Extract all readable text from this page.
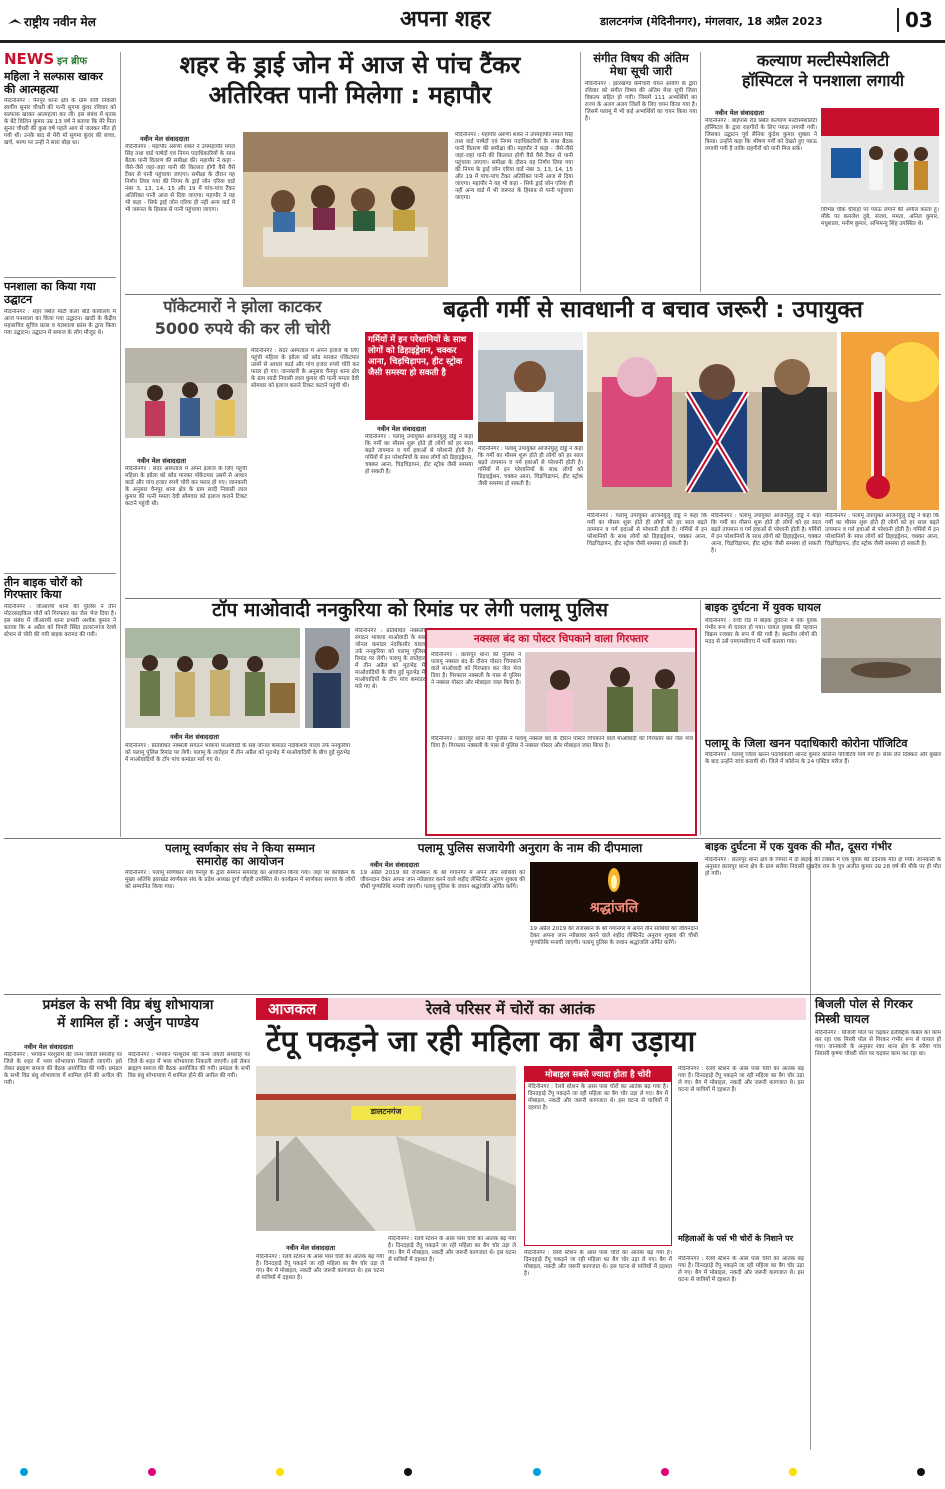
राष्ट्रीय नवीन मेल	अपना शहर	डालटनगंज (मेदिनीनगर), मंगलवार, 18 अप्रैल 2023	03
NEWS इन ब्रीफ
महिला ने सल्फास खाकर की आत्महत्या
मेदिनीनगर : पैनपुर थाना क्षेत्र के ग्राम रायि निवासी स्वर्गीय सुनार चौधरी की पत्नी सुगमा कुंवर रविवार को सल्फास खाकर आत्महत्या कर ली। इस संबंध में मृतक के बेटे विलिन कुमार उम्र 13 वर्ष ने बताया कि मेरे पिता सुनार चौधरी की कुछ वर्ष पहले आग से जलकर मौत हो गयी थी। उनके बाद से मेरी माँ सुगमा कुंवर की बच्चा, खर्च, भाग्य पर उन्ही ने सारा बोझ था।
पनशाला का किया गया उद्घाटन
मेदिनीनगर : शहर स्थित माटी कला बोर्ड कार्यालय में आज पनशाला का किया गया उद्घाटन। खादी के केंद्रीय महासचिव सुचित्र फ्रांस व यज्ञशाला फ्रांस के द्वारा किया गया उद्घाटन। उद्घाटन में समाज के लोग मौजूद थे।
तीन बाइक चोरों को गिरफ्तार किया
मेदिनीनगर : जीआरपी थाना की पुलिस ने तीन मोटरसाइकिल चोरों को गिरफ्तार कर जेल भेज दिया है। इस संबंध में जीआरपी थाना प्रभारी अशोक कुमार ने बताया कि 4 अप्रैल को पिपरी स्थित डालटनगंज रेलवे स्टेशन से चोरी की गयी बाइक बरामद की गयी।
शहर के ड्राई जोन में आज से पांच टैंकर
अतिरिक्त पानी मिलेगा : महापौर
नवीन मेल संवाददाता
मेदिनीनगर : महापौर अरुणा शंकर ने उपमहापौर मंगल सिंह तथा वार्ड पार्षदों एवं निगम पदाधिकारियों के साथ बैठक पानी वितरण की समीक्षा की। महापौर ने कहा - जैसे-जैसे जहां-जहां पानी की किल्लत होगी वैसे वैसे टैंकर से पानी पहुंचाया जाएगा। समीक्षा के दौरान यह निर्णय लिया गया की निगम के ड्राई जोन एरिया वार्ड नंबर 3, 13, 14, 15 और 19 में पांच-पांच टैंकर अतिरिक्त पानी आज से दिया जाएगा। महापौर ने यह भी कहा - सिर्फ ड्राई जोन एरिया ही नहीं अन्य वार्ड में भी जरूरत के हिसाब से पानी पहुंचाया जाएगा।
मेदिनीनगर : महापौर अरुणा शंकर ने उपमहापौर मंगल सिंह तथा वार्ड पार्षदों एवं निगम पदाधिकारियों के साथ बैठक पानी वितरण की समीक्षा की। महापौर ने कहा - जैसे-जैसे जहां-जहां पानी की किल्लत होगी वैसे वैसे टैंकर से पानी पहुंचाया जाएगा। समीक्षा के दौरान यह निर्णय लिया गया की निगम के ड्राई जोन एरिया वार्ड नंबर 3, 13, 14, 15 और 19 में पांच-पांच टैंकर अतिरिक्त पानी आज से दिया जाएगा। महापौर ने यह भी कहा - सिर्फ ड्राई जोन एरिया ही नहीं अन्य वार्ड में भी जरूरत के हिसाब से पानी पहुंचाया जाएगा।
संगीत विषय की अंतिम मेधा सूची जारी
मेदिनीनगर : झारखण्ड कर्मचारी चयन आयोग के द्वारा रविवार को संगीत विषय की अंतिम मेधा सूची जिला विकल्प सहित हो गयी। जिसमें 111 अभ्यर्थियों का राज्य के अलग अलग जिलों के लिए चयन किया गया है। जिसमें पलामू में भी कई अभ्यर्थियों का चयन किया गया है।
कल्याण मल्टीस्पेशलिटी
हॉस्पिटल ने पनशाला लगायी
नवीन मेल संवाददाता
मेदिनीनगर : बाईपास रोड स्थित कल्याण मल्टीस्पेशलिटी हॉस्पिटल के द्वारा राहगीरों के लिए प्याऊ लगायी गयी। जिसका उद्घाटन पूर्व सैनिक कुंदेश कुमार शुक्ला ने किया। उन्होंने कहा कि भीषण गर्मी को देखते हुए प्याऊ लगायी गयी है ताकि राहगीरों को पानी मिल सके।
विभिन्न चौक चौराहों पर प्याऊ लगाने की अपील करता हूं। मौके पर कमलेश दुबे, संजय, ममता, अनिल कुमार, मधुशाला, मनीष कुमार, अभिमन्यु सिंह उपस्थित थे।
पॉकेटमारों ने झोला काटकर
5000 रुपये की कर ली चोरी
नवीन मेल संवाददाता
मेदिनीनगर : सदर अस्पताल में अपने इलाज के लिए पहुंची महिला के झोला को ब्लेड मारकर पॉकेटमार उसमें से आधार कार्ड और पांच हजार रुपये चोरी कर फरार हो गए। जानकारी के अनुसार चैनपुर थाना क्षेत्र के ग्राम सादी निवासी लाल कुमार की पत्नी ममता देवी सोमवार को इलाज कराने टिकट कटाने पहुंची थी।
मेदिनीनगर : सदर अस्पताल में अपने इलाज के लिए पहुंची महिला के झोला को ब्लेड मारकर पॉकेटमार उसमें से आधार कार्ड और पांच हजार रुपये चोरी कर फरार हो गए। जानकारी के अनुसार चैनपुर थाना क्षेत्र के ग्राम सादी निवासी लाल कुमार की पत्नी ममता देवी सोमवार को इलाज कराने टिकट कटाने पहुंची थी।
बढ़ती गर्मी से सावधानी व बचाव जरूरी : उपायुक्त
गर्मियों में इन परेशानियों के साथ लोगों को डिहाइड्रेशन, चक्कर आना, चिड़चिड़ापन, हीट स्ट्रोक जैसी समस्या हो सकती है
नवीन मेल संवाददाता
मेदिनीनगर : पलामू उपायुक्त आंजनेयुलु दोड्डे ने कहा कि गर्मी का मौसम शुरू होते ही लोगों को हर साल बढ़ते तापमान व गर्म हवाओं से परेशानी होती है। गर्मियों में इन परेशानियों के साथ लोगों को डिहाइड्रेशन, चक्कर आना, चिड़चिड़ापन, हीट स्ट्रोक जैसी समस्या हो सकती है।
मेदिनीनगर : पलामू उपायुक्त आंजनेयुलु दोड्डे ने कहा कि गर्मी का मौसम शुरू होते ही लोगों को हर साल बढ़ते तापमान व गर्म हवाओं से परेशानी होती है। गर्मियों में इन परेशानियों के साथ लोगों को डिहाइड्रेशन, चक्कर आना, चिड़चिड़ापन, हीट स्ट्रोक जैसी समस्या हो सकती है।
मेदिनीनगर : पलामू उपायुक्त आंजनेयुलु दोड्डे ने कहा कि गर्मी का मौसम शुरू होते ही लोगों को हर साल बढ़ते तापमान व गर्म हवाओं से परेशानी होती है। गर्मियों में इन परेशानियों के साथ लोगों को डिहाइड्रेशन, चक्कर आना, चिड़चिड़ापन, हीट स्ट्रोक जैसी समस्या हो सकती है।
मेदिनीनगर : पलामू उपायुक्त आंजनेयुलु दोड्डे ने कहा कि गर्मी का मौसम शुरू होते ही लोगों को हर साल बढ़ते तापमान व गर्म हवाओं से परेशानी होती है। गर्मियों में इन परेशानियों के साथ लोगों को डिहाइड्रेशन, चक्कर आना, चिड़चिड़ापन, हीट स्ट्रोक जैसी समस्या हो सकती है।
मेदिनीनगर : पलामू उपायुक्त आंजनेयुलु दोड्डे ने कहा कि गर्मी का मौसम शुरू होते ही लोगों को हर साल बढ़ते तापमान व गर्म हवाओं से परेशानी होती है। गर्मियों में इन परेशानियों के साथ लोगों को डिहाइड्रेशन, चक्कर आना, चिड़चिड़ापन, हीट स्ट्रोक जैसी समस्या हो सकती है।
टॉप माओवादी ननकुरिया को रिमांड पर लेगी पलामू पुलिस
नवीन मेल संवाददाता
मेदिनीनगर : प्रतिबंधित नक्सली संगठन भाकपा माओवादी के सब जोनल कमांडर नंदकिशोर यादव उर्फ ननकुरिया को पलामू पुलिस रिमांड पर लेगी। पलामू के लातेहार में तीन अप्रैल को मुठभेड़ में माओवादियों के बीच हुई मुठभेड़ में माओवादियों के टॉप पांच कमांडर मारे गए थे।
मेदिनीनगर : प्रतिबंधित नक्सली संगठन भाकपा माओवादी के सब जोनल कमांडर नंदकिशोर यादव उर्फ ननकुरिया को पलामू पुलिस रिमांड पर लेगी। पलामू के लातेहार में तीन अप्रैल को मुठभेड़ में माओवादियों के बीच हुई मुठभेड़ में माओवादियों के टॉप पांच कमांडर मारे गए थे।
नक्सल बंद का पोस्टर चिपकाने वाला गिरफ्तार
मेदिनीनगर : छतरपुर थाना की पुलिस ने पलामू नक्सल बंद के दौरान पोस्टर चिपकाने वाले माओवादी को गिरफ्तार कर जेल भेज दिया है। गिरफ्तार नक्सली के पास से पुलिस ने नक्सल पोस्टर और मोबाइल जब्त किया है।
मेदिनीनगर : छतरपुर थाना की पुलिस ने पलामू नक्सल बंद के दौरान पोस्टर चिपकाने वाले माओवादी को गिरफ्तार कर जेल भेज दिया है। गिरफ्तार नक्सली के पास से पुलिस ने नक्सल पोस्टर और मोबाइल जब्त किया है।
बाइक दुर्घटना में युवक घायल
मेदिनीनगर : रांची रोड में बाइक दुर्घटना में एक युवक गंभीर रूप से घायल हो गया। घायल युवक की पहचान विक्रम रजवार के रूप में की गयी है। स्थानीय लोगों की मदद से उसे एमएमसीएच में भर्ती कराया गया।
पलामू के जिला खनन पदाधिकारी कोरोना पॉजिटिव
मेदिनीनगर : पलामू जिला खनन पदाधिकारी आनंद कुमार कोरोना पॉजिटिव पाये गये हैं। सांस लेने दिक्कत और बुखार के बाद उन्होंने जांच करायी थी। जिले में कोरोना के 24 एक्टिव मरीज हैं।
पलामू स्वर्णकार संघ ने किया सम्मान
समारोह का आयोजन
मेदिनीनगर : पलामू स्वर्णकार संघ पैनपुर के द्वारा सम्मान समारोह का आयोजन किया गया। जहां पर कार्यक्रम के मुख्य अतिथि झारखंड स्वर्णकार संघ के प्रदेश अध्यक्ष दुर्गा जौहरी उपस्थित थे। कार्यक्रम में स्वर्णकार समाज के लोगों को सम्मानित किया गया।
पलामू पुलिस सजायेगी अनुराग के नाम की दीपमाला
नवीन मेल संवाददाता
19 अप्रैल 2019 को राजस्थान के श्री गंगानगर में अपने तीन साथियों को जीवनदान देकर अपना जान न्योछावर करने वाले शहीद लेफ्टिनेंट अनुराग शुक्ला की चौथी पुण्यतिथि मनायी जाएगी। पलामू पुलिस के जवान श्रद्धांजलि अर्पित करेंगे।
श्रद्धांजलि
19 अप्रैल 2019 को राजस्थान के श्री गंगानगर में अपने तीन साथियों को जीवनदान देकर अपना जान न्योछावर करने वाले शहीद लेफ्टिनेंट अनुराग शुक्ला की चौथी पुण्यतिथि मनायी जाएगी। पलामू पुलिस के जवान श्रद्धांजलि अर्पित करेंगे।
बाइक दुर्घटना में एक युवक की मौत, दूसरा गंभीर
मेदिनीनगर : छतरपुर थाना क्षेत्र के पिपरा में दो बाइक की टक्कर में एक युवक की दर्दनाक मौत हो गयी। जानकारी के अनुसार छतरपुर थाना क्षेत्र के ग्राम सलैया निवासी सुखदेव राम के पुत्र अजीत कुमार उम्र 28 वर्ष की मौके पर ही मौत हो गयी।
प्रमंडल के सभी विप्र बंधु शोभायात्रा
में शामिल हों : अर्जुन पाण्डेय
नवीन मेल संवाददाता
मेदिनीनगर : भगवान परशुराम की जन्म जयंती समारोह पर जिले के शहर में भव्य शोभायात्रा निकाली जाएगी। इसे लेकर ब्राह्मण समाज की बैठक आयोजित की गयी। प्रमंडल के सभी विप्र बंधु शोभायात्रा में शामिल होने की अपील की गयी।
मेदिनीनगर : भगवान परशुराम की जन्म जयंती समारोह पर जिले के शहर में भव्य शोभायात्रा निकाली जाएगी। इसे लेकर ब्राह्मण समाज की बैठक आयोजित की गयी। प्रमंडल के सभी विप्र बंधु शोभायात्रा में शामिल होने की अपील की गयी।
आजकल	रेलवे परिसर में चोरों का आतंक
टेंपू पकड़ने जा रही महिला का बैग उड़ाया
डालटनगंज
नवीन मेल संवाददाता
मेदिनीनगर : रेलवे स्टेशन के आस पास चोरों का आतंक बढ़ गया है। दिनदहाड़े टेंपू पकड़ने जा रही महिला का बैग चोर उड़ा ले गए। बैग में मोबाइल, नकदी और जरूरी कागजात थे। इस घटना से यात्रियों में दहशत है।
मेदिनीनगर : रेलवे स्टेशन के आस पास चोरों का आतंक बढ़ गया है। दिनदहाड़े टेंपू पकड़ने जा रही महिला का बैग चोर उड़ा ले गए। बैग में मोबाइल, नकदी और जरूरी कागजात थे। इस घटना से यात्रियों में दहशत है।
मोबाइल सबसे ज्यादा होता है चोरी
मेदिनीनगर : रेलवे स्टेशन के आस पास चोरों का आतंक बढ़ गया है। दिनदहाड़े टेंपू पकड़ने जा रही महिला का बैग चोर उड़ा ले गए। बैग में मोबाइल, नकदी और जरूरी कागजात थे। इस घटना से यात्रियों में दहशत है।
मेदिनीनगर : रेलवे स्टेशन के आस पास चोरों का आतंक बढ़ गया है। दिनदहाड़े टेंपू पकड़ने जा रही महिला का बैग चोर उड़ा ले गए। बैग में मोबाइल, नकदी और जरूरी कागजात थे। इस घटना से यात्रियों में दहशत है।
मेदिनीनगर : रेलवे स्टेशन के आस पास चोरों का आतंक बढ़ गया है। दिनदहाड़े टेंपू पकड़ने जा रही महिला का बैग चोर उड़ा ले गए। बैग में मोबाइल, नकदी और जरूरी कागजात थे। इस घटना से यात्रियों में दहशत है।
महिलाओं के पर्स भी चोरों के निशाने पर
मेदिनीनगर : रेलवे स्टेशन के आस पास चोरों का आतंक बढ़ गया है। दिनदहाड़े टेंपू पकड़ने जा रही महिला का बैग चोर उड़ा ले गए। बैग में मोबाइल, नकदी और जरूरी कागजात थे। इस घटना से यात्रियों में दहशत है।
बिजली पोल से गिरकर
मिस्त्री घायल
मेदिनीनगर : बिजली पोल पर चढ़कर इलेक्ट्रिक केबल का काम कर रहा एक मिस्त्री पोल से गिरकर गंभीर रूप से घायल हो गया। जानकारी के अनुसार रंका थाना क्षेत्र के सरैया गांव निवासी कृष्णा चौधरी पोल पर चढ़कर काम कर रहा था।
